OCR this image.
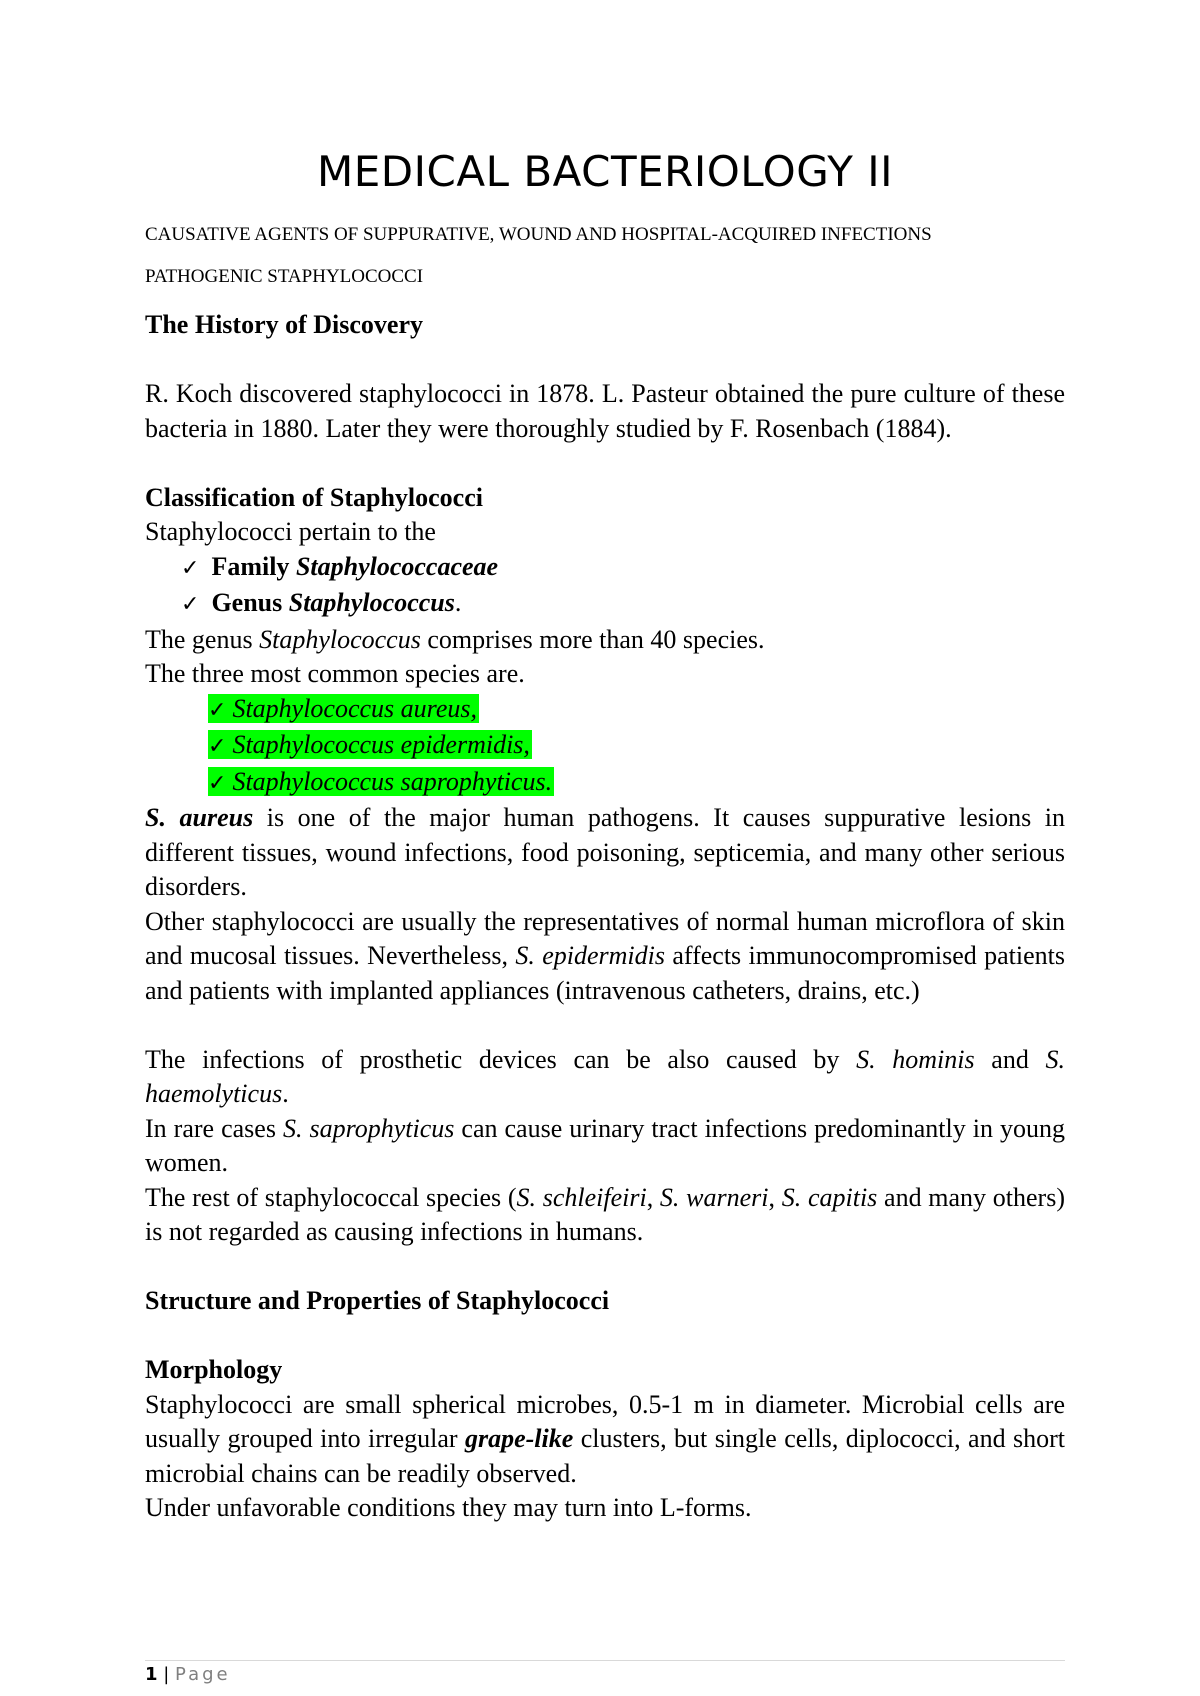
MEDICAL BACTERIOLOGY II

CAUSATIVE AGENTS OF SUPPURATIVE, WOUND AND HOSPITAL-ACQUIRED INFECTIONS

PATHOGENIC STAPHYLOCOCCI

The History of Discovery

R. Koch discovered staphylococci in 1878. L. Pasteur obtained the pure culture of these bacteria in 1880. Later they were thoroughly studied by F. Rosenbach (1884).

Classification of Staphylococci

Staphylococci pertain to the

✓ Family Staphylococcaceae
✓ Genus Staphylococcus.

The genus Staphylococcus comprises more than 40 species.

The three most common species are.

✓ Staphylococcus aureus,
✓ Staphylococcus epidermidis,
✓ Staphylococcus saprophyticus.

S. aureus is one of the major human pathogens. It causes suppurative lesions in different tissues, wound infections, food poisoning, septicemia, and many other serious disorders.

Other staphylococci are usually the representatives of normal human microflora of skin and mucosal tissues. Nevertheless, S. epidermidis affects immunocompromised patients and patients with implanted appliances (intravenous catheters, drains, etc.)

The infections of prosthetic devices can be also caused by S. hominis and S. haemolyticus.

In rare cases S. saprophyticus can cause urinary tract infections predominantly in young women.

The rest of staphylococcal species (S. schleifeiri, S. warneri, S. capitis and many others) is not regarded as causing infections in humans.

Structure and Properties of Staphylococci

Morphology

Staphylococci are small spherical microbes, 0.5-1 m in diameter. Microbial cells are usually grouped into irregular grape-like clusters, but single cells, diplococci, and short microbial chains can be readily observed.

Under unfavorable conditions they may turn into L-forms.

1 | Page
